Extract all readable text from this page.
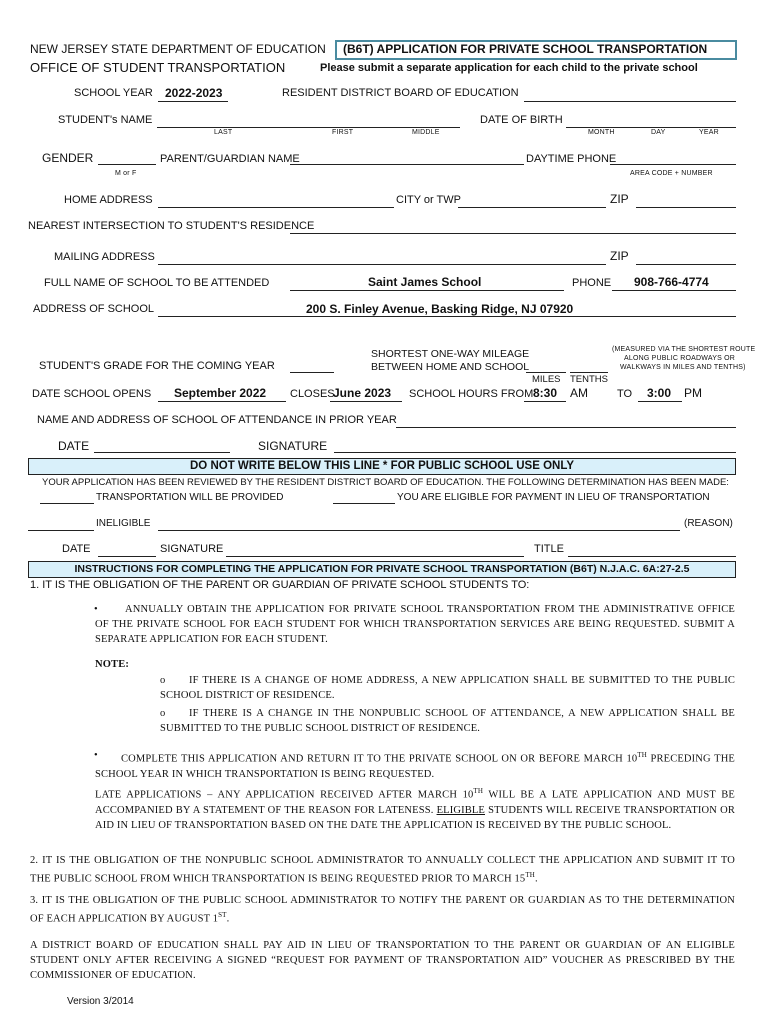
NEW JERSEY STATE DEPARTMENT OF EDUCATION
OFFICE OF STUDENT TRANSPORTATION
(B6T) APPLICATION FOR PRIVATE SCHOOL TRANSPORTATION
Please submit a separate application for each child to the private school
SCHOOL YEAR 2022-2023	RESIDENT DISTRICT BOARD OF EDUCATION
STUDENT's NAME
LAST	FIRST	MIDDLE
DATE OF BIRTH
MONTH	DAY	YEAR
GENDER
M or F
PARENT/GUARDIAN NAME	DAYTIME PHONE
AREA CODE + NUMBER
HOME ADDRESS	CITY or TWP	ZIP
NEAREST INTERSECTION TO STUDENT'S RESIDENCE
MAILING ADDRESS	ZIP
FULL NAME OF SCHOOL TO BE ATTENDED	Saint James School	PHONE 908-766-4774
ADDRESS OF SCHOOL	200 S. Finley Avenue, Basking Ridge, NJ 07920
STUDENT'S GRADE FOR THE COMING YEAR
SHORTEST ONE-WAY MILEAGE
BETWEEN HOME AND SCHOOL
(MEASURED VIA THE SHORTEST ROUTE
ALONG PUBLIC ROADWAYS OR
WALKWAYS IN MILES AND TENTHS)
MILES TENTHS
DATE SCHOOL OPENS September 2022 CLOSES
June 2023 SCHOOL HOURS FROM 8:30 AM	TO 3:00 PM
NAME AND ADDRESS OF SCHOOL OF ATTENDANCE IN PRIOR YEAR
DATE	SIGNATURE
DO NOT WRITE BELOW THIS LINE * FOR PUBLIC SCHOOL USE ONLY
YOUR APPLICATION HAS BEEN REVIEWED BY THE RESIDENT DISTRICT BOARD OF EDUCATION. THE FOLLOWING DETERMINATION HAS BEEN MADE:
TRANSPORTATION WILL BE PROVIDED	YOU ARE ELIGIBLE FOR PAYMENT IN LIEU OF TRANSPORTATION
INELIGIBLE	(REASON)
DATE	SIGNATURE	TITLE
INSTRUCTIONS FOR COMPLETING THE APPLICATION FOR PRIVATE SCHOOL TRANSPORTATION (B6T) N.J.A.C. 6A:27-2.5
1. IT IS THE OBLIGATION OF THE PARENT OR GUARDIAN OF PRIVATE SCHOOL STUDENTS TO:
•	ANNUALLY OBTAIN THE APPLICATION FOR PRIVATE SCHOOL TRANSPORTATION FROM THE ADMINISTRATIVE OFFICE OF THE PRIVATE SCHOOL FOR EACH STUDENT FOR WHICH TRANSPORTATION SERVICES ARE BEING REQUESTED. SUBMIT A SEPARATE APPLICATION FOR EACH STUDENT.
NOTE:
o	IF THERE IS A CHANGE OF HOME ADDRESS, A NEW APPLICATION SHALL BE SUBMITTED TO THE PUBLIC SCHOOL DISTRICT OF RESIDENCE.
o	IF THERE IS A CHANGE IN THE NONPUBLIC SCHOOL OF ATTENDANCE, A NEW APPLICATION SHALL BE SUBMITTED TO THE PUBLIC SCHOOL DISTRICT OF RESIDENCE.
•	COMPLETE THIS APPLICATION AND RETURN IT TO THE PRIVATE SCHOOL ON OR BEFORE MARCH 10TH PRECEDING THE SCHOOL YEAR IN WHICH TRANSPORTATION IS BEING REQUESTED.
LATE APPLICATIONS – ANY APPLICATION RECEIVED AFTER MARCH 10TH WILL BE A LATE APPLICATION AND MUST BE ACCOMPANIED BY A STATEMENT OF THE REASON FOR LATENESS. ELIGIBLE STUDENTS WILL RECEIVE TRANSPORTATION OR AID IN LIEU OF TRANSPORTATION BASED ON THE DATE THE APPLICATION IS RECEIVED BY THE PUBLIC SCHOOL.
2. IT IS THE OBLIGATION OF THE NONPUBLIC SCHOOL ADMINISTRATOR TO ANNUALLY COLLECT THE APPLICATION AND SUBMIT IT TO THE PUBLIC SCHOOL FROM WHICH TRANSPORTATION IS BEING REQUESTED PRIOR TO MARCH 15TH.
3. IT IS THE OBLIGATION OF THE PUBLIC SCHOOL ADMINISTRATOR TO NOTIFY THE PARENT OR GUARDIAN AS TO THE DETERMINATION OF EACH APPLICATION BY AUGUST 1ST.
A DISTRICT BOARD OF EDUCATION SHALL PAY AID IN LIEU OF TRANSPORTATION TO THE PARENT OR GUARDIAN OF AN ELIGIBLE STUDENT ONLY AFTER RECEIVING A SIGNED “REQUEST FOR PAYMENT OF TRANSPORTATION AID” VOUCHER AS PRESCRIBED BY THE COMMISSIONER OF EDUCATION.
Version 3/2014
